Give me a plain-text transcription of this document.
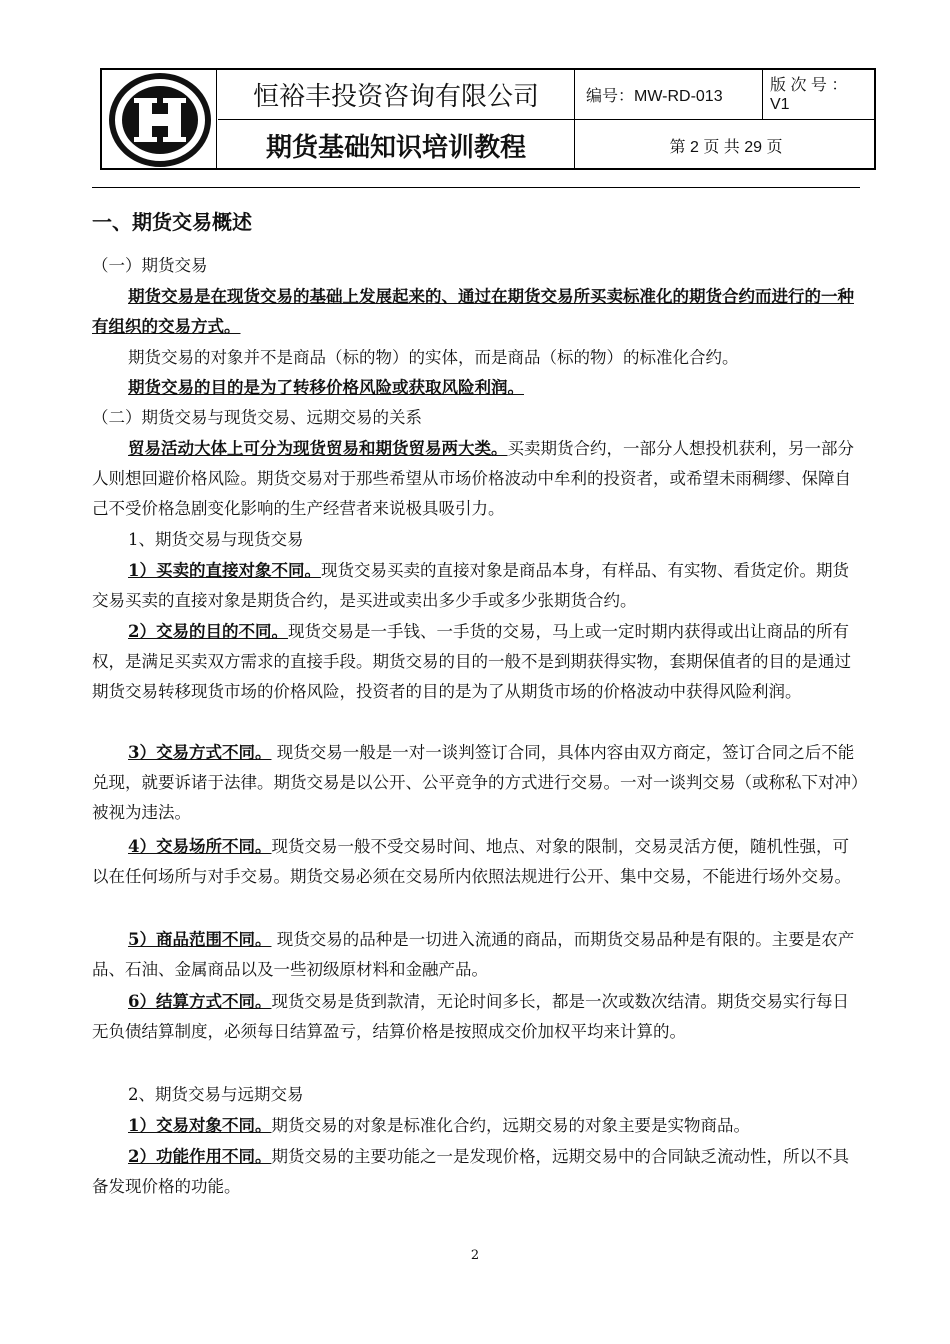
恒裕丰投资咨询有限公司	编号：MW-RD-013
版 次 号 ：
V1
期货基础知识培训教程	第 2 页 共 29 页
一、期货交易概述

（一）期货交易

期货交易是在现货交易的基础上发展起来的、通过在期货交易所买卖标准化的期货合约而进行的一种有组织的交易方式。

期货交易的对象并不是商品（标的物）的实体，而是商品（标的物）的标准化合约。

期货交易的目的是为了转移价格风险或获取风险利润。

（二）期货交易与现货交易、远期交易的关系

贸易活动大体上可分为现货贸易和期货贸易两大类。买卖期货合约，一部分人想投机获利，另一部分人则想回避价格风险。期货交易对于那些希望从市场价格波动中牟利的投资者，或希望未雨稠缪、保障自己不受价格急剧变化影响的生产经营者来说极具吸引力。

1、期货交易与现货交易

1）买卖的直接对象不同。现货交易买卖的直接对象是商品本身，有样品、有实物、看货定价。期货交易买卖的直接对象是期货合约，是买进或卖出多少手或多少张期货合约。

2）交易的目的不同。现货交易是一手钱、一手货的交易，马上或一定时期内获得或出让商品的所有权，是满足买卖双方需求的直接手段。期货交易的目的一般不是到期获得实物，套期保值者的目的是通过期货交易转移现货市场的价格风险，投资者的目的是为了从期货市场的价格波动中获得风险利润。

3）交易方式不同。 现货交易一般是一对一谈判签订合同，具体内容由双方商定，签订合同之后不能兑现，就要诉诸于法律。期货交易是以公开、公平竞争的方式进行交易。一对一谈判交易（或称私下对冲）被视为违法。

4）交易场所不同。现货交易一般不受交易时间、地点、对象的限制，交易灵活方便，随机性强，可以在任何场所与对手交易。期货交易必须在交易所内依照法规进行公开、集中交易，不能进行场外交易。

5）商品范围不同。 现货交易的品种是一切进入流通的商品，而期货交易品种是有限的。主要是农产品、石油、金属商品以及一些初级原材料和金融产品。

6）结算方式不同。现货交易是货到款清，无论时间多长，都是一次或数次结清。期货交易实行每日无负债结算制度，必须每日结算盈亏，结算价格是按照成交价加权平均来计算的。

2、期货交易与远期交易

1）交易对象不同。期货交易的对象是标准化合约，远期交易的对象主要是实物商品。

2）功能作用不同。期货交易的主要功能之一是发现价格，远期交易中的合同缺乏流动性，所以不具备发现价格的功能。

2
